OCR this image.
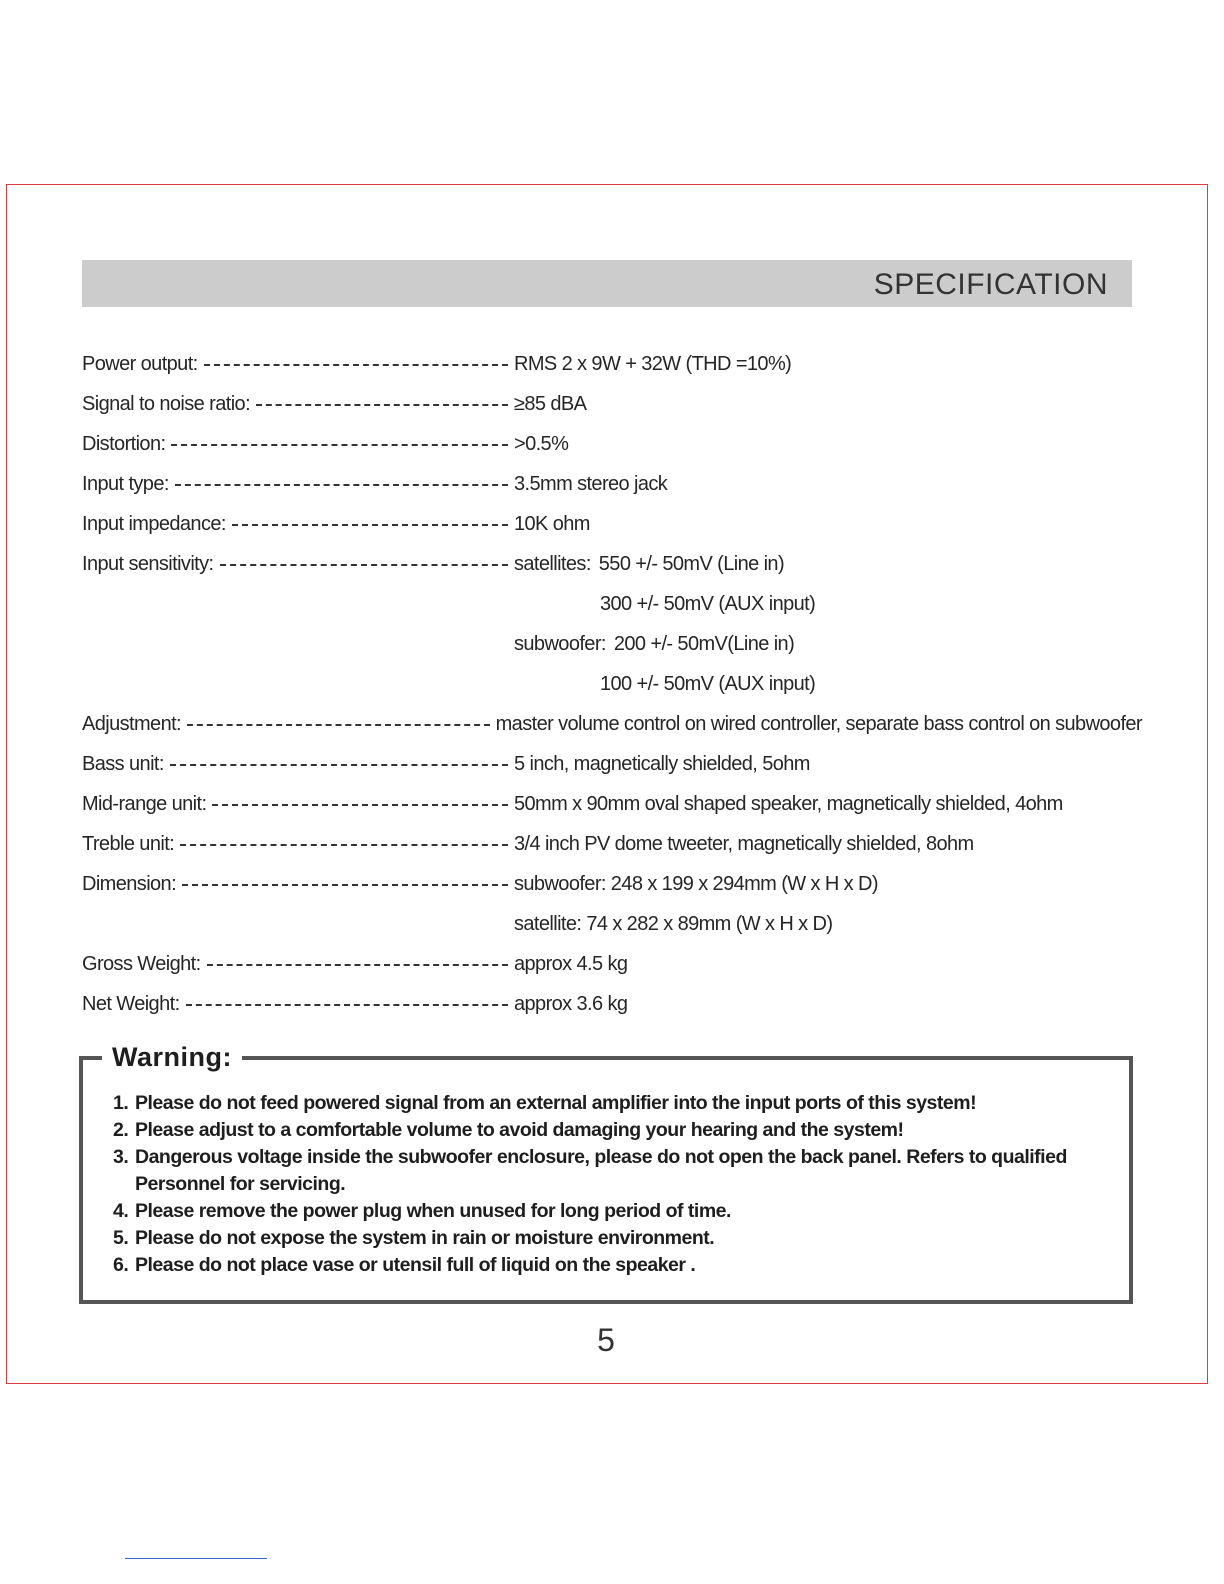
SPECIFICATION
Power output:	RMS 2 x 9W + 32W (THD =10%)
Signal to noise ratio:	≥85 dBA
Distortion:	>0.5%
Input type:	3.5mm stereo jack
Input impedance:	10K ohm
Input sensitivity:	satellites: 550 +/- 50mV (Line in)
300 +/- 50mV (AUX input)
subwoofer: 200 +/- 50mV(Line in)
100 +/- 50mV (AUX input)
Adjustment:	master volume control on wired controller, separate bass control on subwoofer
Bass unit:	5 inch, magnetically shielded, 5ohm
Mid-range unit:	50mm x 90mm oval shaped speaker, magnetically shielded, 4ohm
Treble unit:	3/4 inch PV dome tweeter, magnetically shielded, 8ohm
Dimension:	subwoofer: 248 x 199 x 294mm (W x H x D)
satellite: 74 x 282 x 89mm (W x H x D)
Gross Weight:	approx 4.5 kg
Net Weight:	approx 3.6 kg
Warning:
1. Please do not feed powered signal from an external amplifier into the input ports of this system!
2. Please adjust to a comfortable volume to avoid damaging your hearing and the system!
3. Dangerous voltage inside the subwoofer enclosure, please do not open the back panel. Refers to qualified
Personnel for servicing.
4. Please remove the power plug when unused for long period of time.
5. Please do not expose the system in rain or moisture environment.
6. Please do not place vase or utensil full of liquid on the speaker .
5
